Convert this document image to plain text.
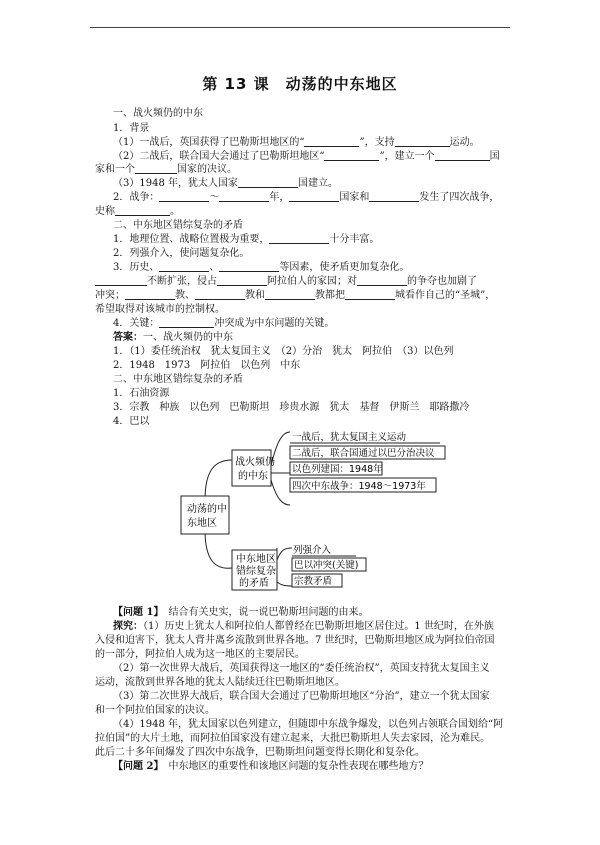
第 13 课　动荡的中东地区
一、战火频仍的中东
1．背景
（1）一战后，英国获得了巴勒斯坦地区的“	”，支持	运动。
（2）二战后，联合国大会通过了巴勒斯坦地区“	”，建立一个	国
家和一个	国家的决议。
（3）1948 年，犹太人国家	国建立。
2．战争：	～	年，	国家和	发生了四次战争，
史称	。
二、中东地区错综复杂的矛盾
1．地理位置、战略位置极为重要，	十分丰富。
2．列强介入，使问题复杂化。
3．历史、	、	等因素，使矛盾更加复杂化。
不断扩张，侵占	阿拉伯人的家园；对	的争夺也加剧了
冲突；	教、	教和	教都把	城看作自己的“圣城”，
希望取得对该城市的控制权。
4．关键：	冲突成为中东问题的关键。
答案：一、战火频仍的中东
1．（1）委任统治权　犹太复国主义　（2）分治　犹太　阿拉伯　（3）以色列
2．1948　1973　阿拉伯　以色列　中东
二、中东地区错综复杂的矛盾
1．石油资源
3．宗教　种族　以色列　巴勒斯坦　珍贵水源　犹太　基督　伊斯兰　耶路撒冷
4．巴以
动荡的中
东地区
战火频仍
的中东
一战后，犹太复国主义运动
二战后，联合国通过以巴分治决议
以色列建国：1948年
四次中东战争：1948～1973年
中东地区
错综复杂
的矛盾
列强介入
巴以冲突(关键)
宗教矛盾
【问题 1】　结合有关史实，说一说巴勒斯坦问题的由来。
探究：（1）历史上犹太人和阿拉伯人都曾经在巴勒斯坦地区居住过。1 世纪时，在外族
入侵和迫害下，犹太人背井离乡流散到世界各地。7 世纪时，巴勒斯坦地区成为阿拉伯帝国
的一部分，阿拉伯人成为这一地区的主要居民。
（2）第一次世界大战后，英国获得这一地区的“委任统治权”，英国支持犹太复国主义
运动，流散到世界各地的犹太人陆续迁往巴勒斯坦地区。
（3）第二次世界大战后，联合国大会通过了巴勒斯坦地区“分治”，建立一个犹太国家
和一个阿拉伯国家的决议。
（4）1948 年，犹太国家以色列建立，但随即中东战争爆发，以色列占领联合国划给“阿
拉伯国”的大片土地，而阿拉伯国家没有建立起来，大批巴勒斯坦人失去家园，沦为难民。
此后二十多年间爆发了四次中东战争，巴勒斯坦问题变得长期化和复杂化。
【问题 2】　中东地区的重要性和该地区问题的复杂性表现在哪些地方？
